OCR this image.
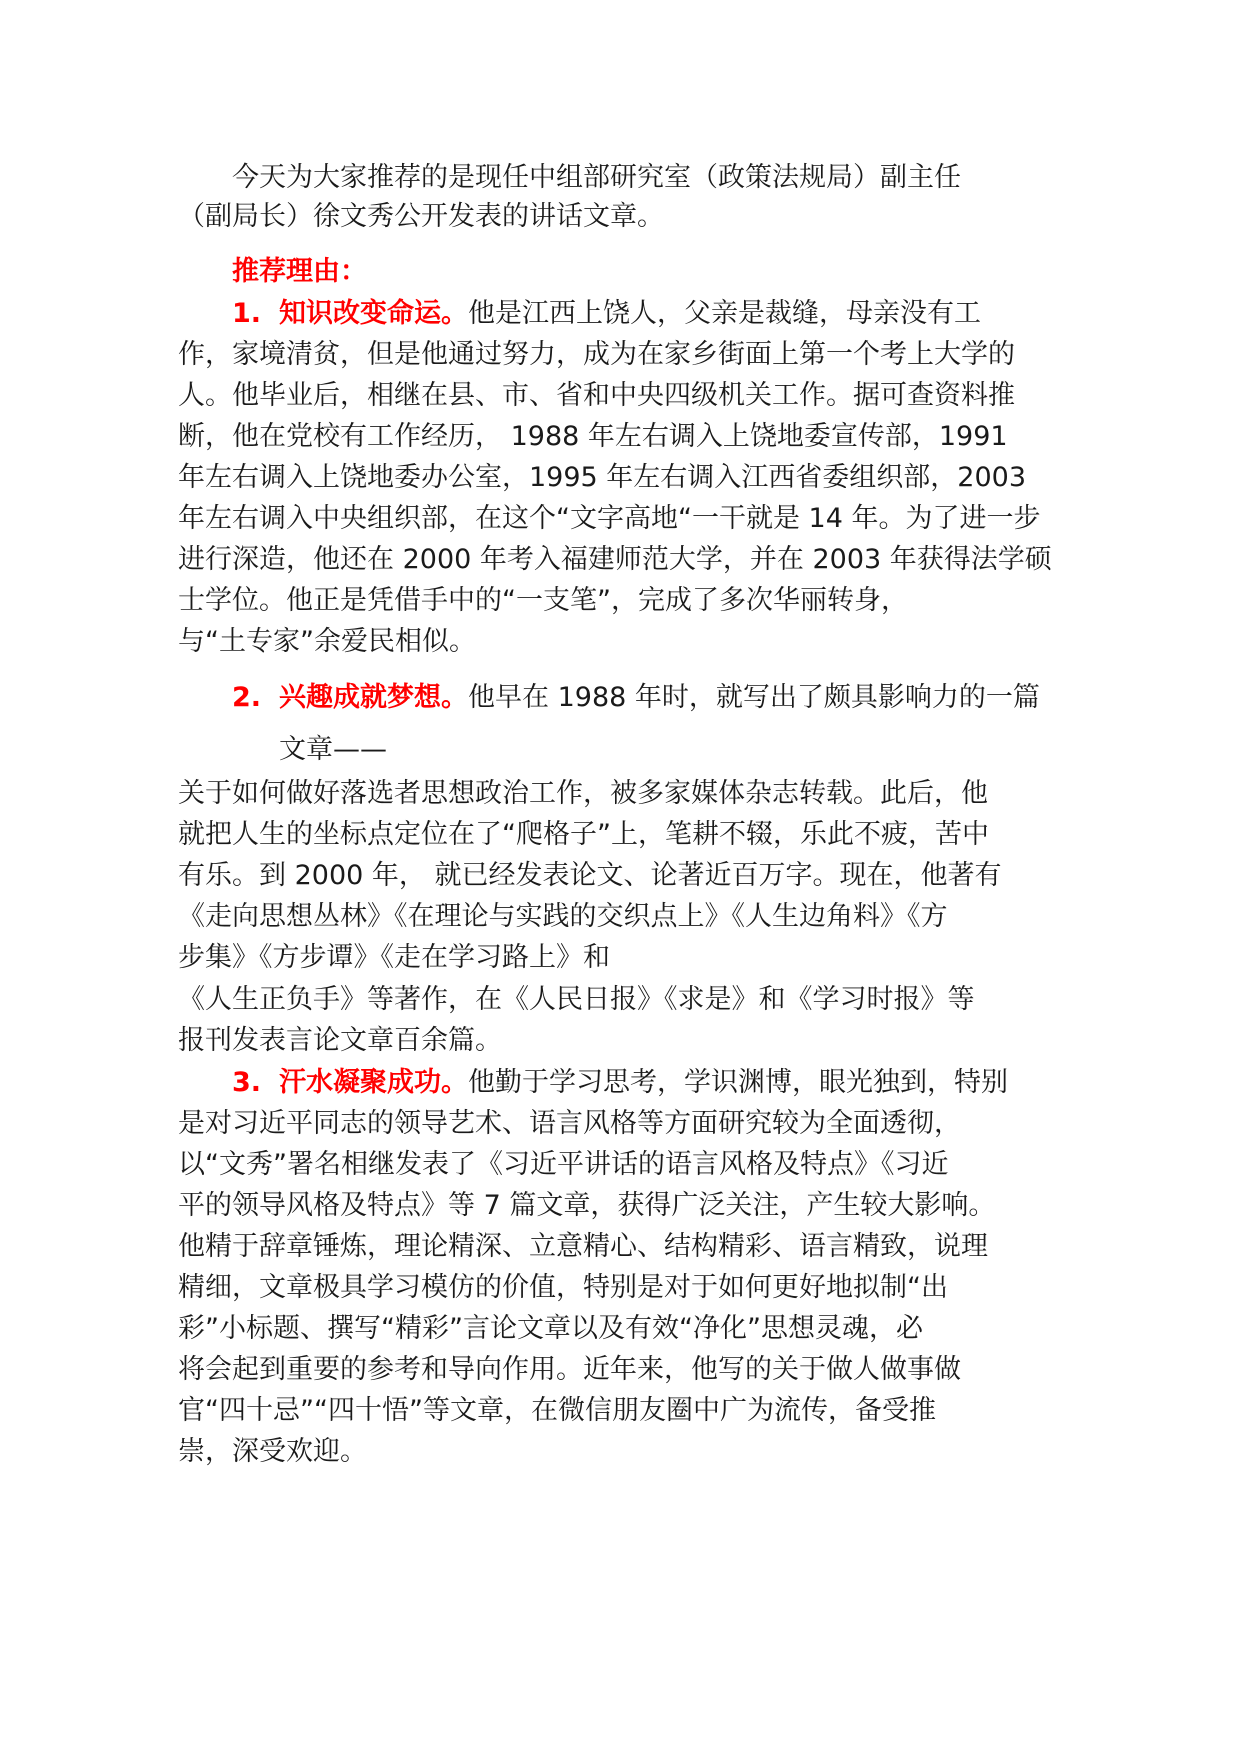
今天为大家推荐的是现任中组部研究室（政策法规局）副主任
（副局长）徐文秀公开发表的讲话文章。
推荐理由：
1. 知识改变命运。他是江西上饶人，父亲是裁缝，母亲没有工
作，家境清贫，但是他通过努力，成为在家乡街面上第一个考上大学的
人。他毕业后，相继在县、市、省和中央四级机关工作。据可查资料推
断，他在党校有工作经历， 1988 年左右调入上饶地委宣传部，1991
年左右调入上饶地委办公室，1995 年左右调入江西省委组织部，2003
年左右调入中央组织部，在这个“文字高地“一干就是 14 年。为了进一步
进行深造，他还在 2000 年考入福建师范大学，并在 2003 年获得法学硕
士学位。他正是凭借手中的“一支笔”，完成了多次华丽转身，
与“土专家”余爱民相似。
2. 兴趣成就梦想。他早在 1988 年时，就写出了颇具影响力的一篇
文章——
关于如何做好落选者思想政治工作，被多家媒体杂志转载。此后，他
就把人生的坐标点定位在了“爬格子”上，笔耕不辍，乐此不疲，苦中
有乐。到 2000 年， 就已经发表论文、论著近百万字。现在，他著有
《走向思想丛林》《在理论与实践的交织点上》《人生边角料》《方
步集》《方步谭》《走在学习路上》和
《人生正负手》等著作，在《人民日报》《求是》和《学习时报》等
报刊发表言论文章百余篇。
3. 汗水凝聚成功。他勤于学习思考，学识渊博，眼光独到，特别
是对习近平同志的领导艺术、语言风格等方面研究较为全面透彻，
以“文秀”署名相继发表了《习近平讲话的语言风格及特点》《习近
平的领导风格及特点》等 7 篇文章，获得广泛关注，产生较大影响。
他精于辞章锤炼，理论精深、立意精心、结构精彩、语言精致，说理
精细，文章极具学习模仿的价值，特别是对于如何更好地拟制“出
彩”小标题、撰写“精彩”言论文章以及有效“净化”思想灵魂，必
将会起到重要的参考和导向作用。近年来，他写的关于做人做事做
官“四十忌”“四十悟”等文章，在微信朋友圈中广为流传，备受推
崇，深受欢迎。
